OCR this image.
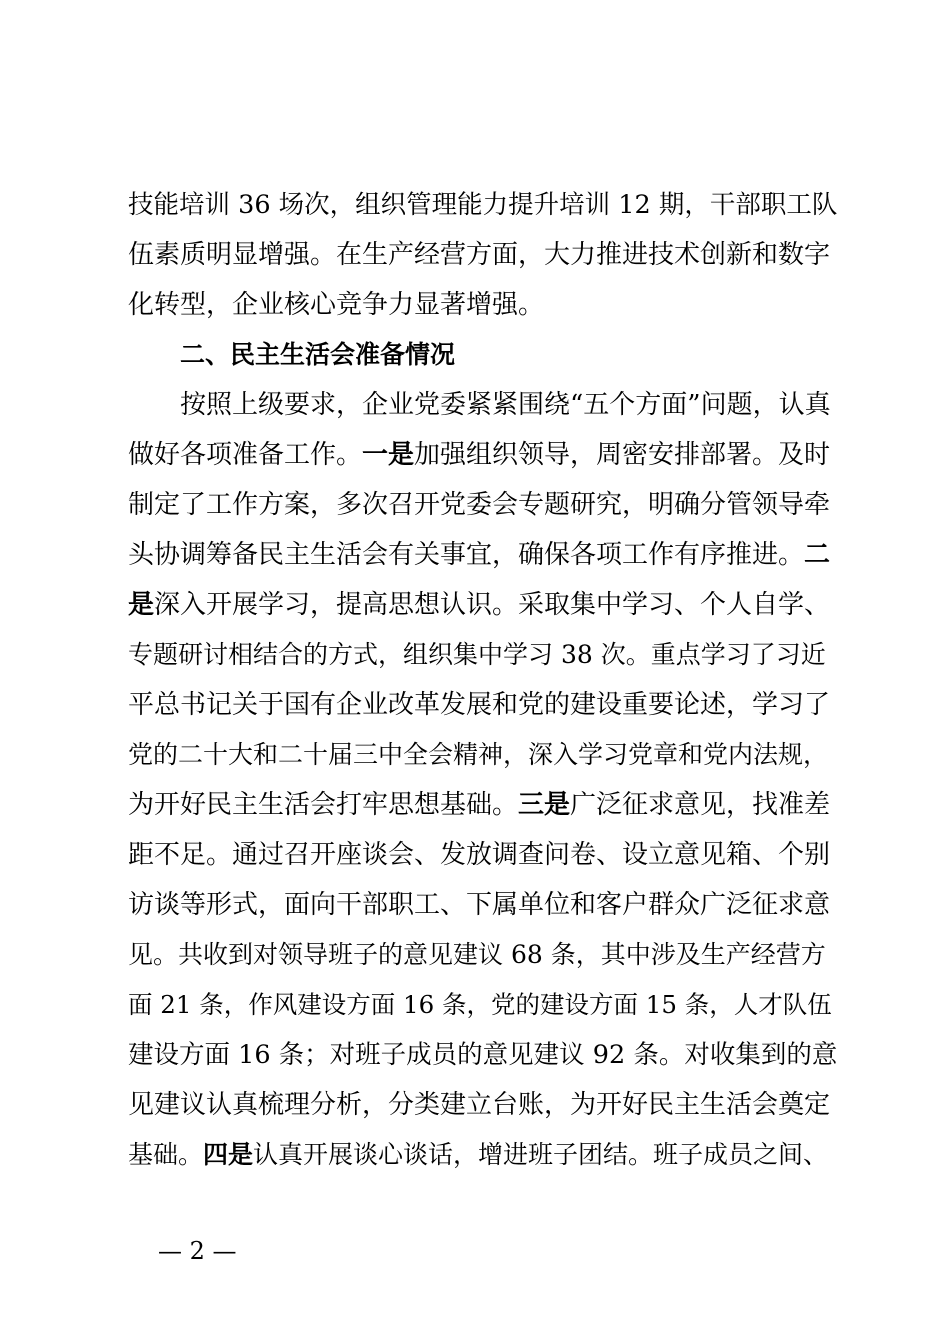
技能培训 36 场次，组织管理能力提升培训 12 期，干部职工队
伍素质明显增强。在生产经营方面，大力推进技术创新和数字
化转型，企业核心竞争力显著增强。
二、民主生活会准备情况
按照上级要求，企业党委紧紧围绕“五个方面”问题，认真
做好各项准备工作。一是加强组织领导，周密安排部署。及时
制定了工作方案，多次召开党委会专题研究，明确分管领导牵
头协调筹备民主生活会有关事宜，确保各项工作有序推进。二
是深入开展学习，提高思想认识。采取集中学习、个人自学、
专题研讨相结合的方式，组织集中学习 38 次。重点学习了习近
平总书记关于国有企业改革发展和党的建设重要论述，学习了
党的二十大和二十届三中全会精神，深入学习党章和党内法规，
为开好民主生活会打牢思想基础。三是广泛征求意见，找准差
距不足。通过召开座谈会、发放调查问卷、设立意见箱、个别
访谈等形式，面向干部职工、下属单位和客户群众广泛征求意
见。共收到对领导班子的意见建议 68 条，其中涉及生产经营方
面 21 条，作风建设方面 16 条，党的建设方面 15 条，人才队伍
建设方面 16 条；对班子成员的意见建议 92 条。对收集到的意
见建议认真梳理分析，分类建立台账，为开好民主生活会奠定
基础。四是认真开展谈心谈话，增进班子团结。班子成员之间、
— 2 —
